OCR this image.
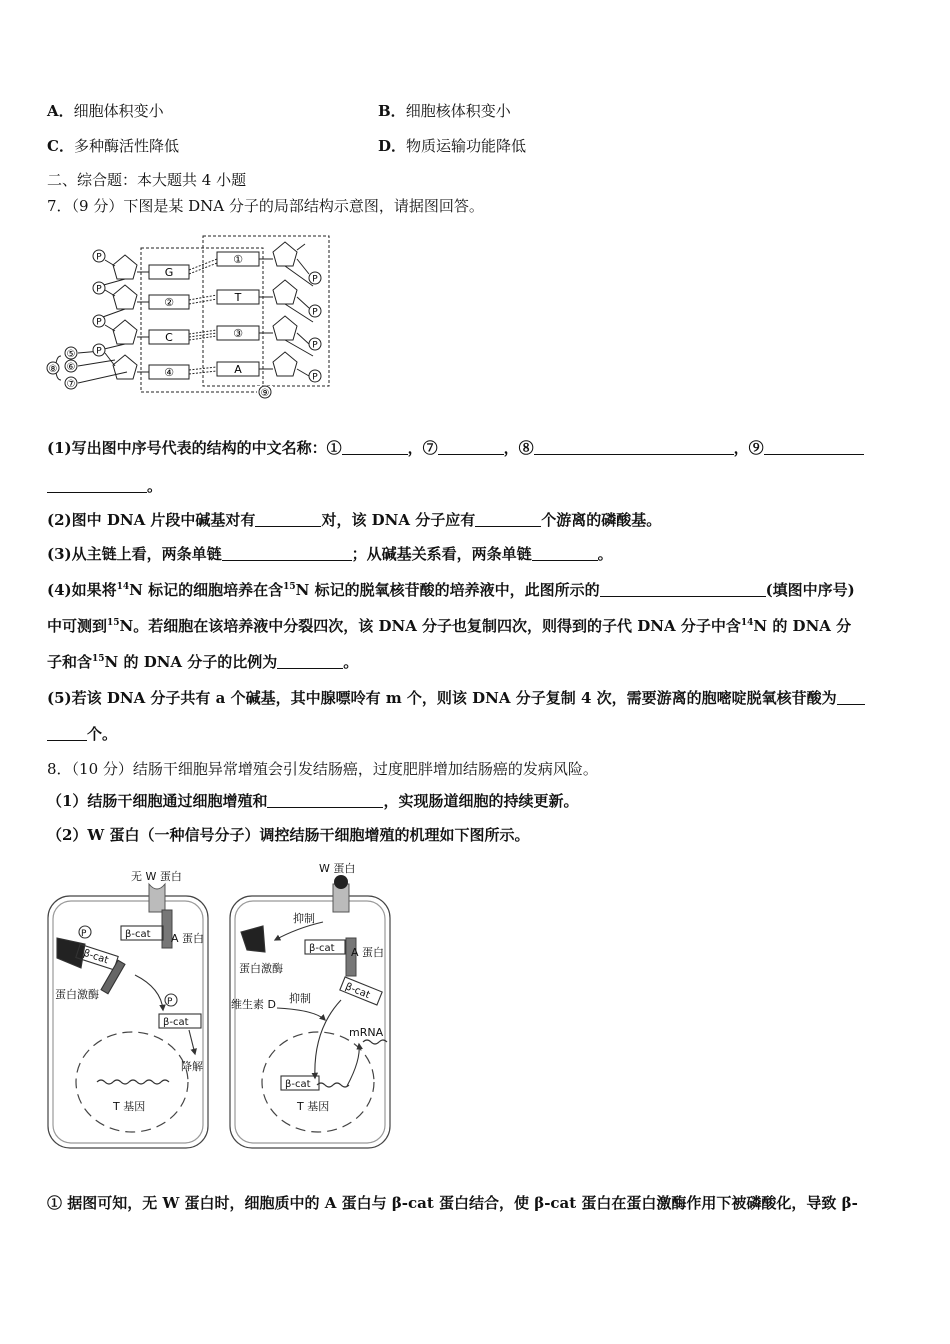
A．细胞体积变小	B．细胞核体积变小
C．多种酶活性降低	D．物质运输功能降低
二、综合题：本大题共 4 小题
7．（9 分）下图是某 DNA 分子的局部结构示意图，请据图回答。
P
P
P
P
P
P
P
P
G
②
C
④
①
T
③
A
⑤
⑥
⑦
⑧
⑨
(1)写出图中序号代表的结构的中文名称：①	，⑦	，⑧	，⑨
。
(2)图中 DNA 片段中碱基对有	对，该 DNA 分子应有	个游离的磷酸基。
(3)从主链上看，两条单链	；从碱基关系看，两条单链	。
(4)如果将$^{14}$N 标记的细胞培养在含$^{15}$N 标记的脱氧核苷酸的培养液中，此图所示的	(填图中序号)
中可测到$^{15}$N。若细胞在该培养液中分裂四次，该 DNA 分子也复制四次，则得到的子代 DNA 分子中含$^{14}$N 的 DNA 分
子和含$^{15}$N 的 DNA 分子的比例为	。
(5)若该 DNA 分子共有 a 个碱基，其中腺嘌呤有 m 个，则该 DNA 分子复制 4 次，需要游离的胞嘧啶脱氧核苷酸为
个。
8．（10 分）结肠干细胞异常增殖会引发结肠癌，过度肥胖增加结肠癌的发病风险。
（1）结肠干细胞通过细胞增殖和	，实现肠道细胞的持续更新。
（2）W 蛋白（一种信号分子）调控结肠干细胞增殖的机理如下图所示。
无 W 蛋白
W 蛋白
A 蛋白
A 蛋白
β-cat
β-cat
β-cat
β-cat
β-cat
β-cat
蛋白激酶
蛋白激酶
P
P
降解
T 基因	T 基因
抑制
抑制
维生素 D
mRNA
① 据图可知，无 W 蛋白时，细胞质中的 A 蛋白与 β-cat 蛋白结合，使 β-cat 蛋白在蛋白激酶作用下被磷酸化，导致 β-
